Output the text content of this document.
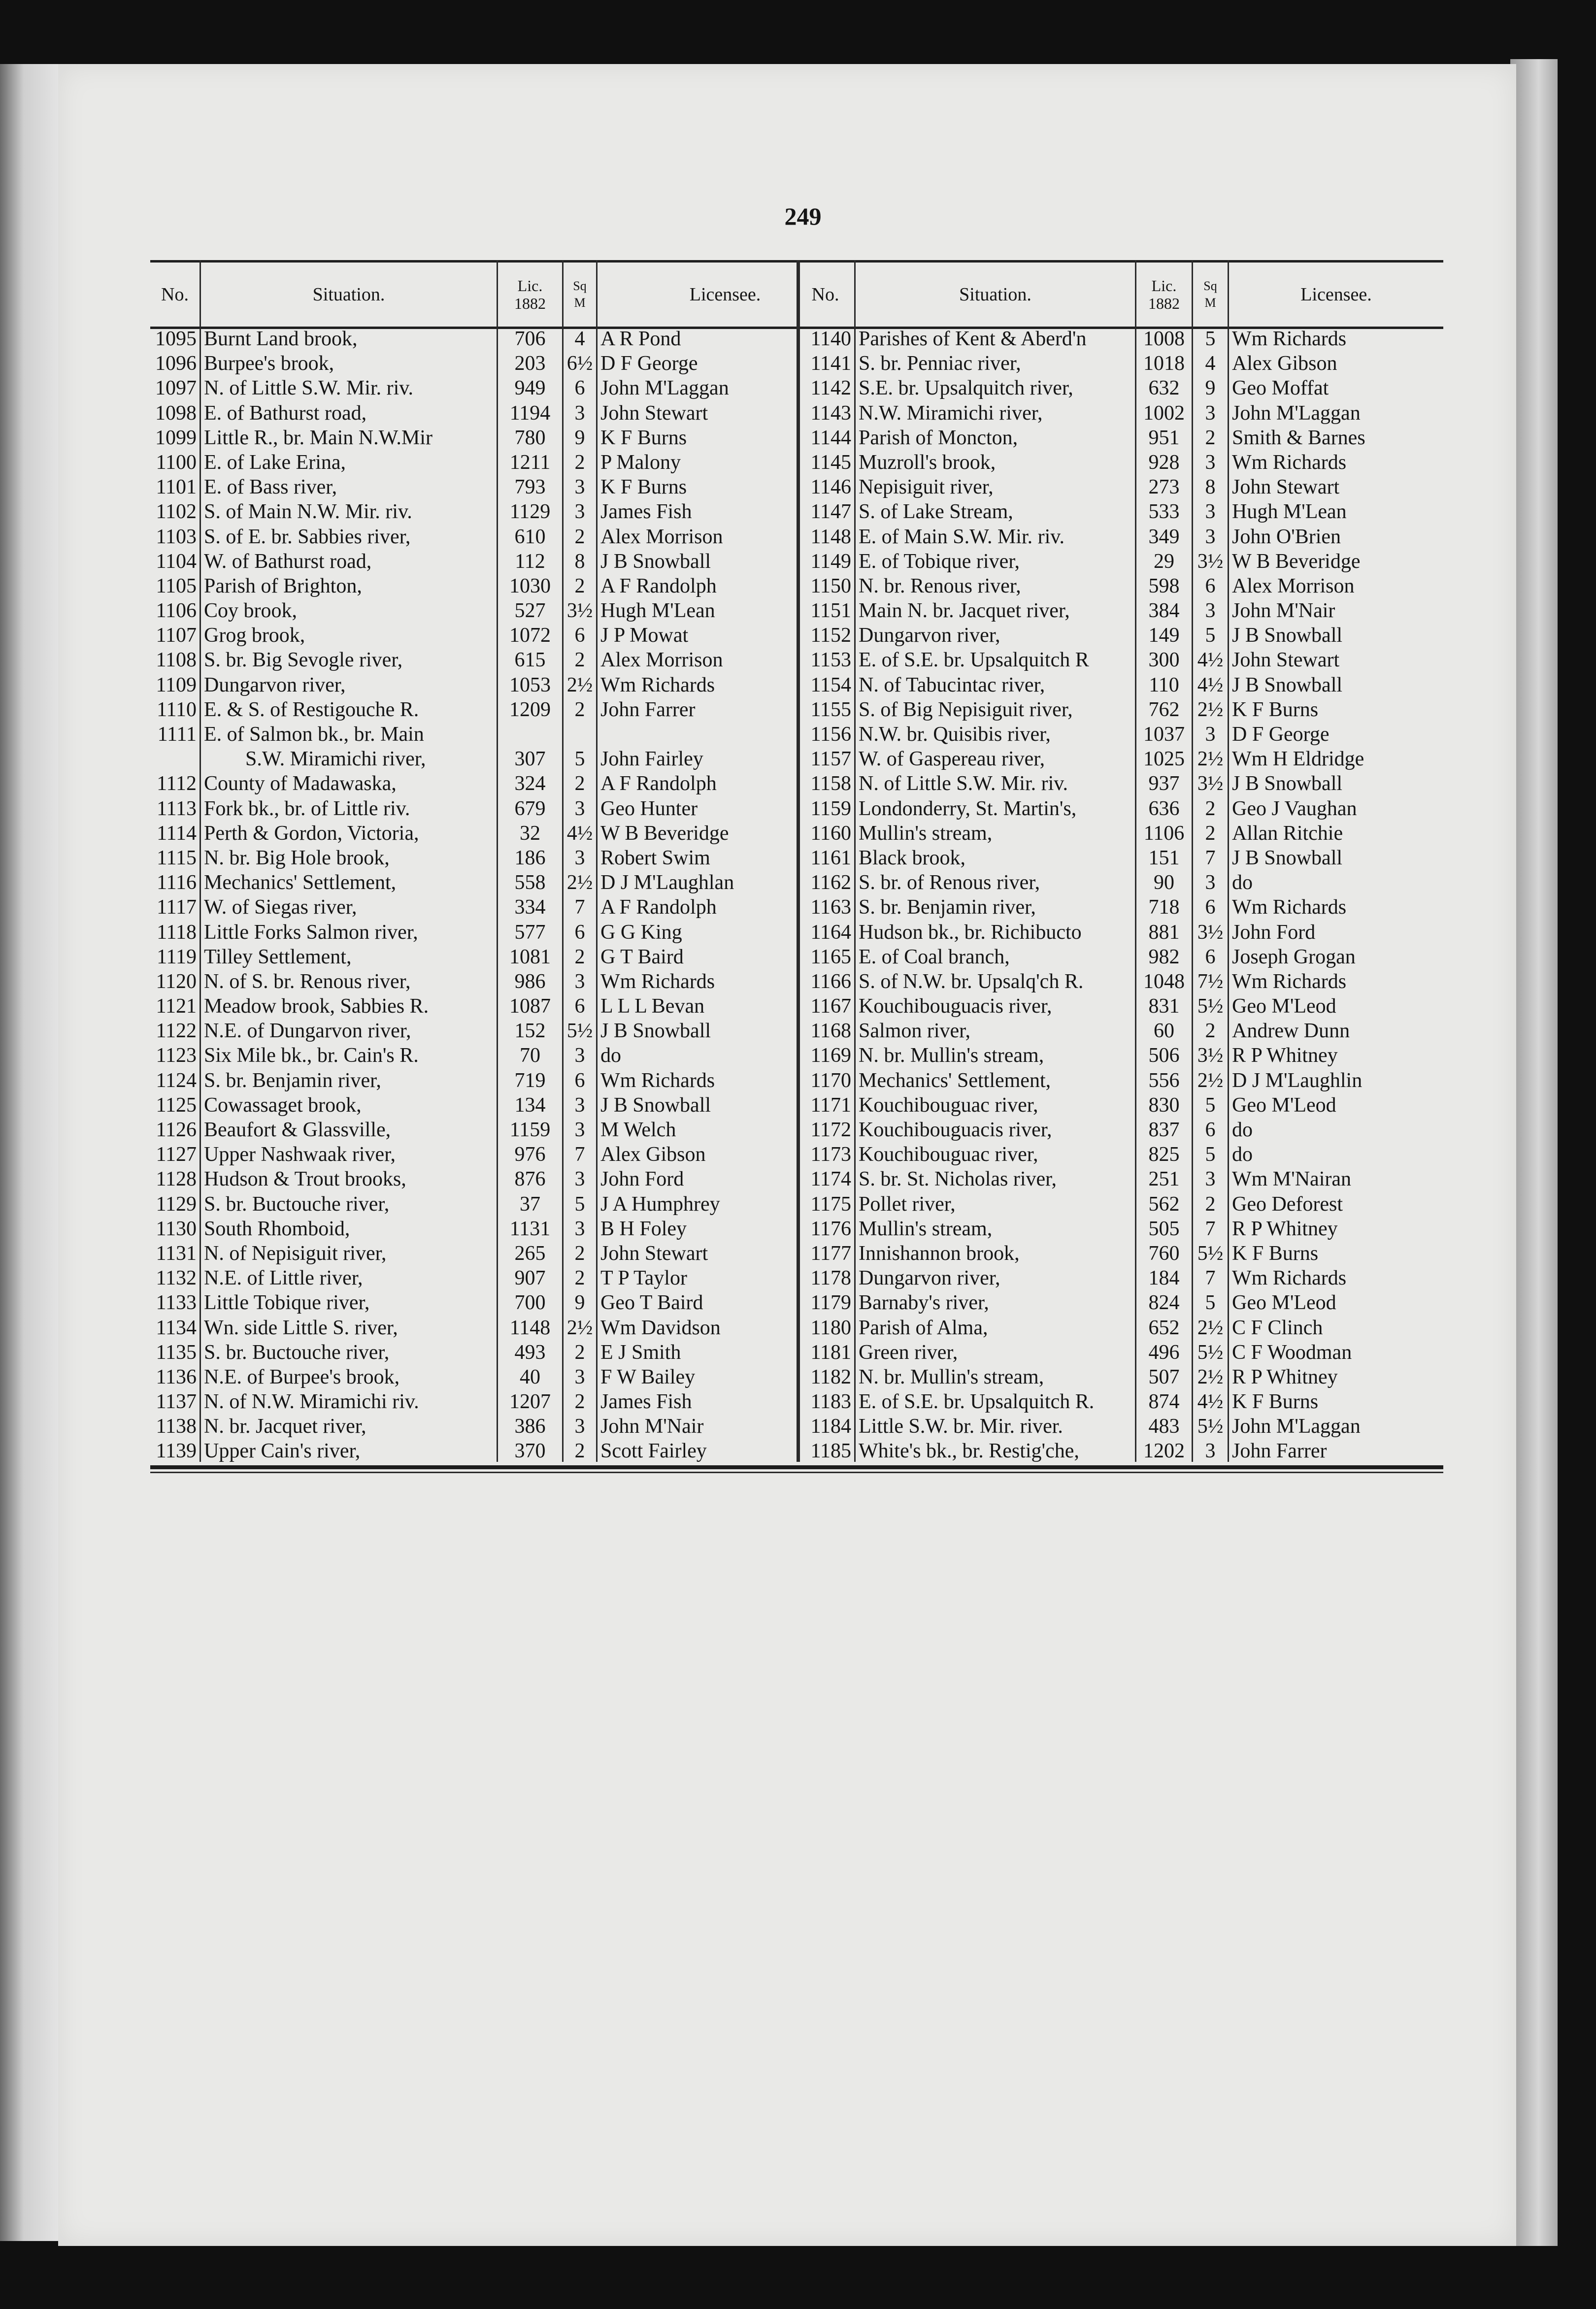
249
No.	Situation.	Lic.
1882
Sq
M	Licensee.
1095 Burnt Land brook,	706	4 A R Pond
1096 Burpee's brook,	203	6½ D F George
1097 N. of Little S.W. Mir. riv.	949	6 John M'Laggan
1098 E. of Bathurst road,	1194	3 John Stewart
1099 Little R., br. Main N.W.Mir	780	9 K F Burns
1100 E. of Lake Erina,	1211	2 P Malony
1101 E. of Bass river,	793	3 K F Burns
1102 S. of Main N.W. Mir. riv.	1129	3 James Fish
1103 S. of E. br. Sabbies river,	610	2 Alex Morrison
1104 W. of Bathurst road,	112	8 J B Snowball
1105 Parish of Brighton,	1030	2 A F Randolph
1106 Coy brook,	527	3½ Hugh M'Lean
1107 Grog brook,	1072	6 J P Mowat
1108 S. br. Big Sevogle river,	615	2 Alex Morrison
1109 Dungarvon river,	1053 2½ Wm Richards
1110 E. & S. of Restigouche R.	1209	2 John Farrer
1111 E. of Salmon bk., br. Main
S.W. Miramichi river,	307	5 John Fairley
1112 County of Madawaska,	324	2 A F Randolph
1113 Fork bk., br. of Little riv.	679	3 Geo Hunter
1114 Perth & Gordon, Victoria,	32	4½ W B Beveridge
1115 N. br. Big Hole brook,	186	3 Robert Swim
1116 Mechanics' Settlement,	558	2½ D J M'Laughlan
1117 W. of Siegas river,	334	7 A F Randolph
1118 Little Forks Salmon river,	577	6 G G King
1119 Tilley Settlement,	1081	2 G T Baird
1120 N. of S. br. Renous river,	986	3 Wm Richards
1121 Meadow brook, Sabbies R.	1087	6 L L L Bevan
1122 N.E. of Dungarvon river,	152	5½ J B Snowball
1123 Six Mile bk., br. Cain's R.	70	3 do
1124 S. br. Benjamin river,	719	6 Wm Richards
1125 Cowassaget brook,	134	3 J B Snowball
1126 Beaufort & Glassville,	1159	3 M Welch
1127 Upper Nashwaak river,	976	7 Alex Gibson
1128 Hudson & Trout brooks,	876	3 John Ford
1129 S. br. Buctouche river,	37	5 J A Humphrey
1130 South Rhomboid,	1131	3 B H Foley
1131 N. of Nepisiguit river,	265	2 John Stewart
1132 N.E. of Little river,	907	2 T P Taylor
1133 Little Tobique river,	700	9 Geo T Baird
1134 Wn. side Little S. river,	1148 2½ Wm Davidson
1135 S. br. Buctouche river,	493	2 E J Smith
1136 N.E. of Burpee's brook,	40	3 F W Bailey
1137 N. of N.W. Miramichi riv.	1207	2 James Fish
1138 N. br. Jacquet river,	386	3 John M'Nair
1139 Upper Cain's river,	370	2 Scott Fairley
No.	Situation.	Lic.
1882
Sq
M	Licensee.
1140 Parishes of Kent & Aberd'n	1008 5 Wm Richards
1141 S. br. Penniac river,	1018 4 Alex Gibson
1142 S.E. br. Upsalquitch river,	632	9 Geo Moffat
1143 N.W. Miramichi river,	1002 3 John M'Laggan
1144 Parish of Moncton,	951	2 Smith & Barnes
1145 Muzroll's brook,	928	3 Wm Richards
1146 Nepisiguit river,	273	8 John Stewart
1147 S. of Lake Stream,	533	3 Hugh M'Lean
1148 E. of Main S.W. Mir. riv.	349	3 John O'Brien
1149 E. of Tobique river,	29	3½ W B Beveridge
1150 N. br. Renous river,	598	6 Alex Morrison
1151 Main N. br. Jacquet river,	384	3 John M'Nair
1152 Dungarvon river,	149	5 J B Snowball
1153 E. of S.E. br. Upsalquitch R	300 4½ John Stewart
1154 N. of Tabucintac river,	110 4½ J B Snowball
1155 S. of Big Nepisiguit river,	762 2½ K F Burns
1156 N.W. br. Quisibis river,	1037 3 D F George
1157 W. of Gaspereau river,	1025 2½ Wm H Eldridge
1158 N. of Little S.W. Mir. riv.	937 3½ J B Snowball
1159 Londonderry, St. Martin's,	636	2 Geo J Vaughan
1160 Mullin's stream,	1106	2 Allan Ritchie
1161 Black brook,	151	7 J B Snowball
1162 S. br. of Renous river,	90	3 do
1163 S. br. Benjamin river,	718	6 Wm Richards
1164 Hudson bk., br. Richibucto	881 3½ John Ford
1165 E. of Coal branch,	982	6 Joseph Grogan
1166 S. of N.W. br. Upsalq'ch R.	1048 7½ Wm Richards
1167 Kouchibouguacis river,	831 5½ Geo M'Leod
1168 Salmon river,	60	2 Andrew Dunn
1169 N. br. Mullin's stream,	506 3½ R P Whitney
1170 Mechanics' Settlement,	556 2½ D J M'Laughlin
1171 Kouchibouguac river,	830	5 Geo M'Leod
1172 Kouchibouguacis river,	837	6 do
1173 Kouchibouguac river,	825	5 do
1174 S. br. St. Nicholas river,	251	3 Wm M'Nairan
1175 Pollet river,	562	2 Geo Deforest
1176 Mullin's stream,	505	7 R P Whitney
1177 Innishannon brook,	760 5½ K F Burns
1178 Dungarvon river,	184	7 Wm Richards
1179 Barnaby's river,	824	5 Geo M'Leod
1180 Parish of Alma,	652 2½ C F Clinch
1181 Green river,	496 5½ C F Woodman
1182 N. br. Mullin's stream,	507 2½ R P Whitney
1183 E. of S.E. br. Upsalquitch R.	874 4½ K F Burns
1184 Little S.W. br. Mir. river.	483 5½ John M'Laggan
1185 White's bk., br. Restig'che,	1202 3 John Farrer
